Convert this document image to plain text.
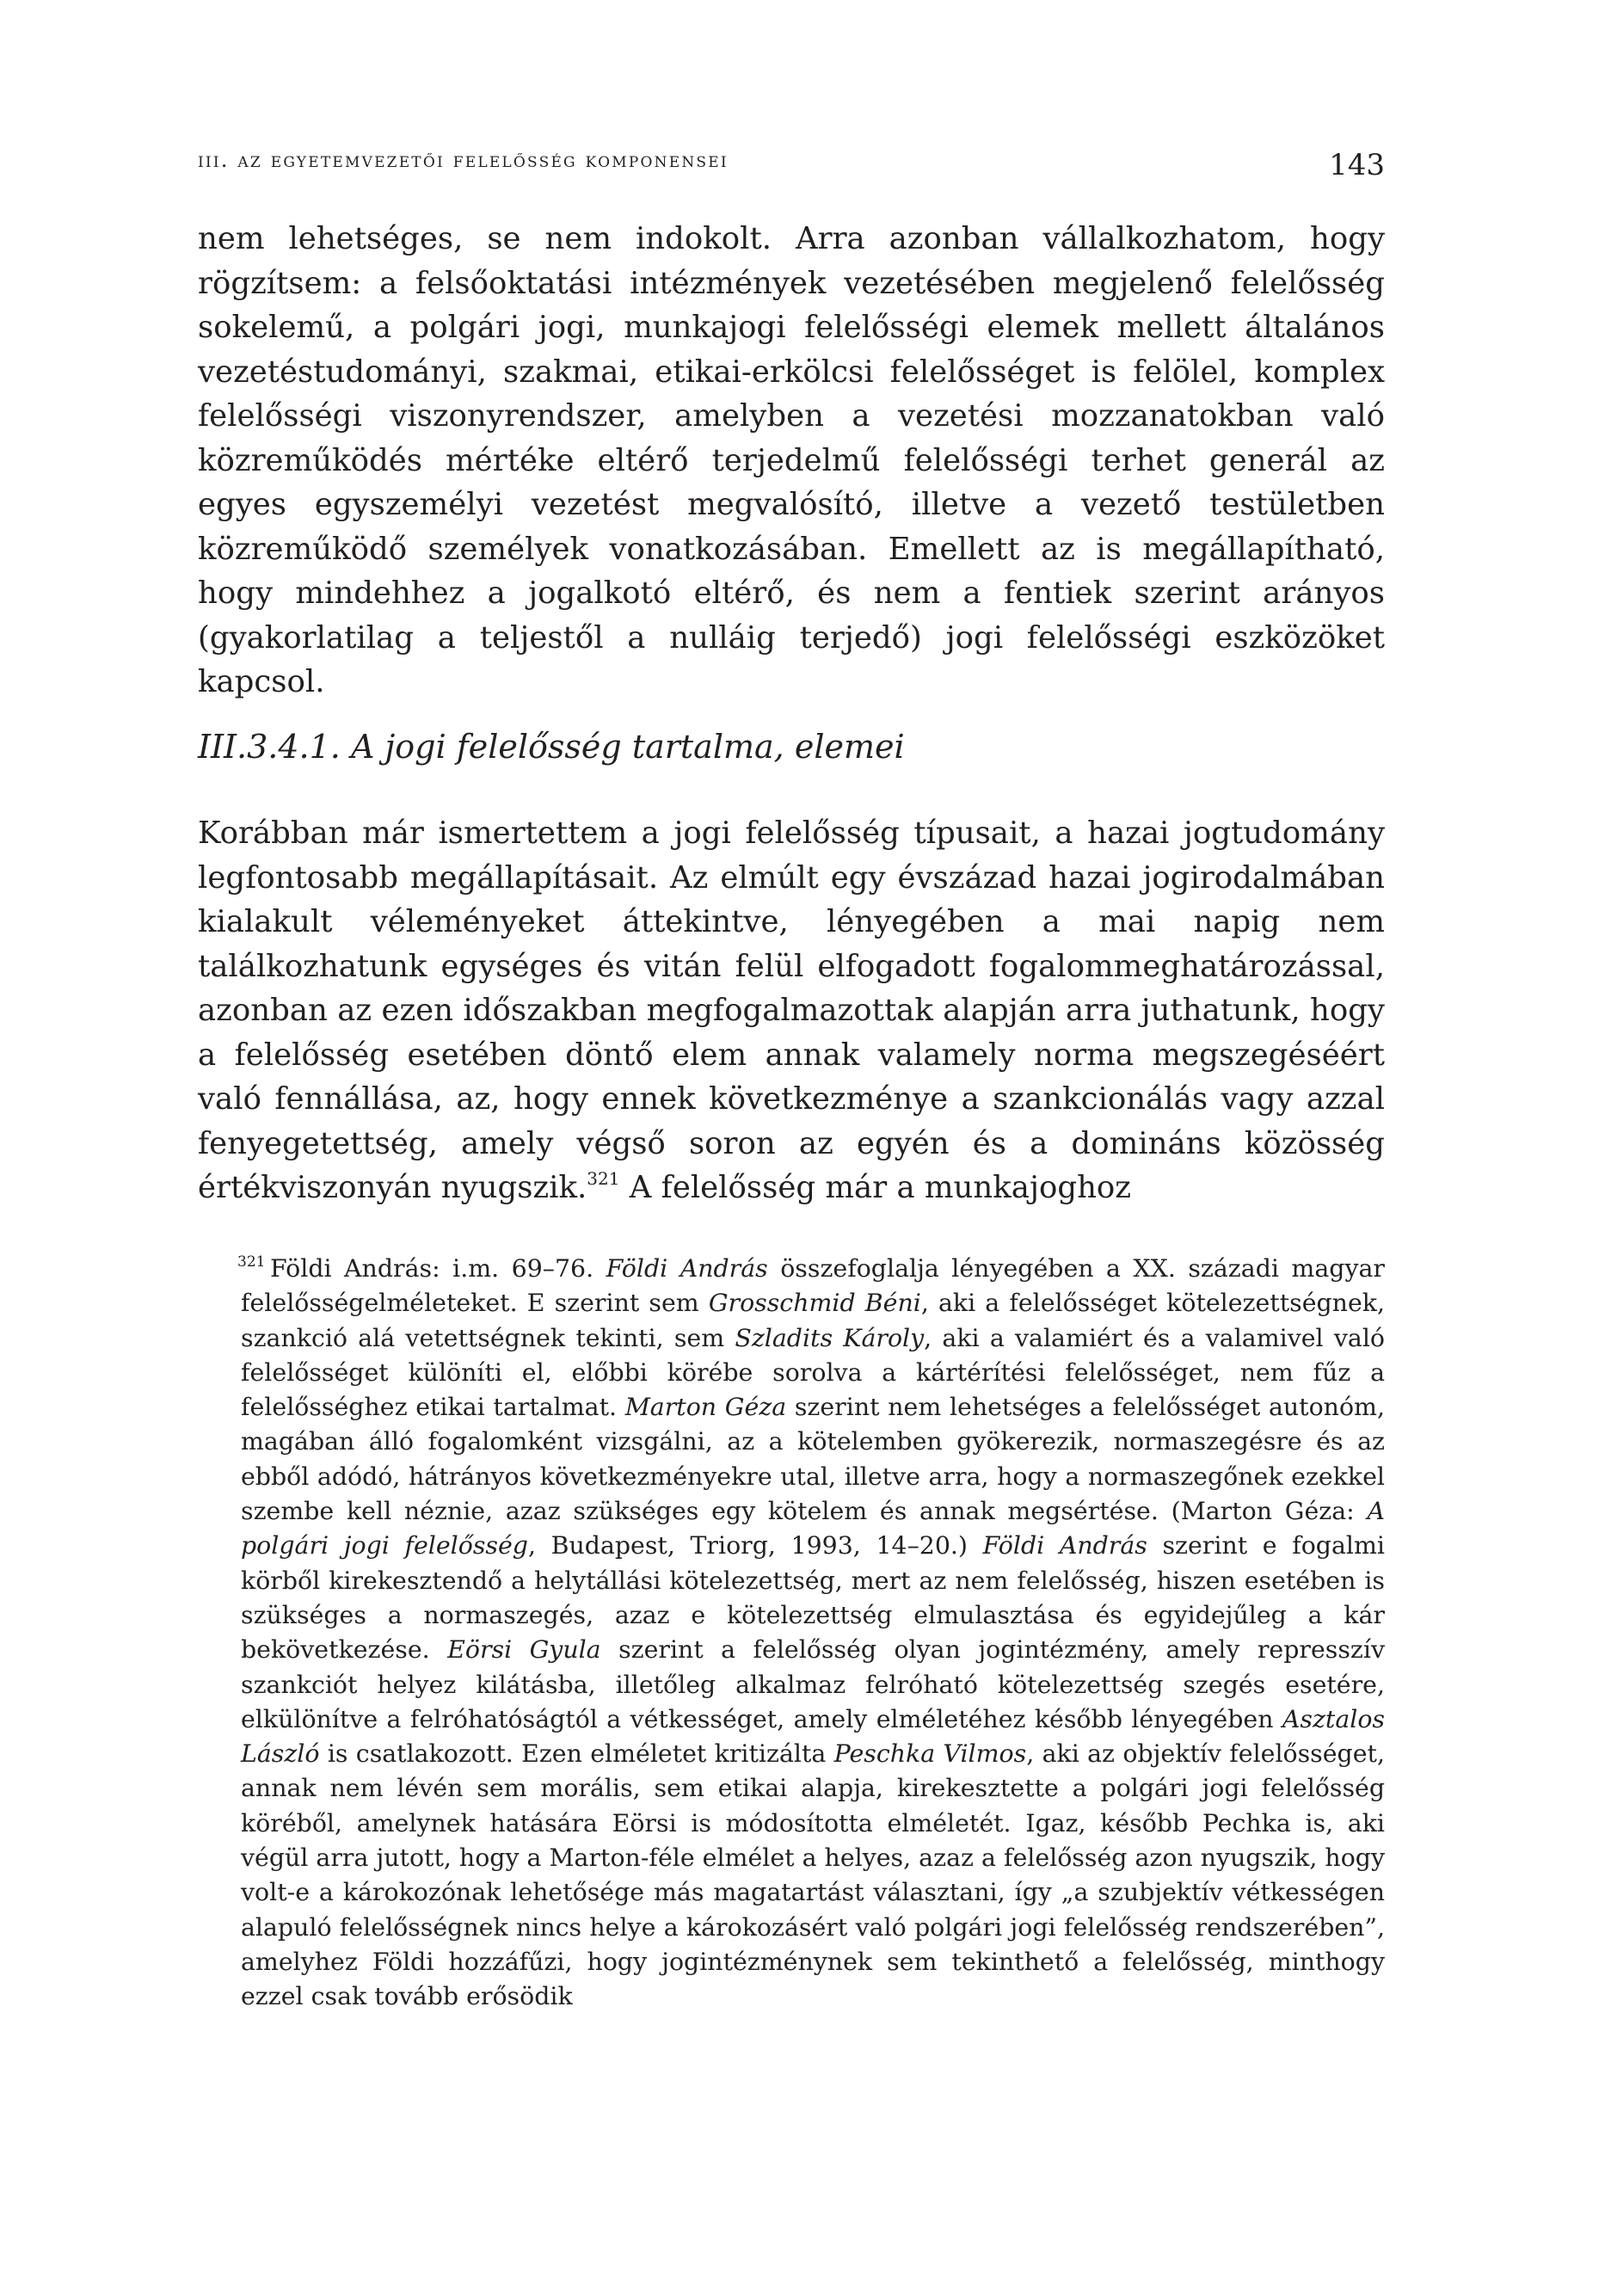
iii. az egyetemvezetői felelősség komponensei	143

nem lehetséges, se nem indokolt. Arra azonban vállalkozhatom, hogy rögzítsem: a felsőoktatási intézmények vezetésében megjelenő felelősség sokelemű, a polgári jogi, munkajogi felelősségi elemek mellett általános vezetéstudományi, szakmai, etikai-erkölcsi felelősséget is felölel, komplex felelősségi viszonyrendszer, amelyben a vezetési mozzanatokban való közreműködés mértéke eltérő terjedelmű felelősségi terhet generál az egyes egyszemélyi vezetést megvalósító, illetve a vezető testületben közreműködő személyek vonatkozásában. Emellett az is megállapítható, hogy mindehhez a jogalkotó eltérő, és nem a fentiek szerint arányos (gyakorlatilag a teljestől a nulláig terjedő) jogi felelősségi eszközöket kapcsol.

III.3.4.1. A jogi felelősség tartalma, elemei

Korábban már ismertettem a jogi felelősség típusait, a hazai jogtudomány legfontosabb megállapításait. Az elmúlt egy évszázad hazai jogirodalmában kialakult véleményeket áttekintve, lényegében a mai napig nem találkozhatunk egységes és vitán felül elfogadott fogalommeghatározással, azonban az ezen időszakban megfogalmazottak alapján arra juthatunk, hogy a felelősség esetében döntő elem annak valamely norma megszegéséért való fennállása, az, hogy ennek következménye a szankcionálás vagy azzal fenyegetettség, amely végső soron az egyén és a domináns közösség értékviszonyán nyugszik.$^{321}$ A felelősség már a munkajoghoz

321 Földi András: i.m. 69–76. Földi András összefoglalja lényegében a XX. századi magyar felelősségelméleteket. E szerint sem Grosschmid Béni, aki a felelősséget kötelezettségnek, szankció alá vetettségnek tekinti, sem Szladits Károly, aki a valamiért és a valamivel való felelősséget különíti el, előbbi körébe sorolva a kártérítési felelősséget, nem fűz a felelősséghez etikai tartalmat. Marton Géza szerint nem lehetséges a felelősséget autonóm, magában álló fogalomként vizsgálni, az a kötelemben gyökerezik, normaszegésre és az ebből adódó, hátrányos következményekre utal, illetve arra, hogy a normaszegőnek ezekkel szembe kell néznie, azaz szükséges egy kötelem és annak megsértése. (Marton Géza: A polgári jogi felelősség, Budapest, Triorg, 1993, 14–20.) Földi András szerint e fogalmi körből kirekesztendő a helytállási kötelezettség, mert az nem felelősség, hiszen esetében is szükséges a normaszegés, azaz e kötelezettség elmulasztása és egyidejűleg a kár bekövetkezése. Eörsi Gyula szerint a felelősség olyan jogintézmény, amely represszív szankciót helyez kilátásba, illetőleg alkalmaz felróható kötelezettség szegés esetére, elkülönítve a felróhatóságtól a vétkességet, amely elméletéhez később lényegében Asztalos László is csatlakozott. Ezen elméletet kritizálta Peschka Vilmos, aki az objektív felelősséget, annak nem lévén sem morális, sem etikai alapja, kirekesztette a polgári jogi felelősség köréből, amelynek hatására Eörsi is módosította elméletét. Igaz, később Pechka is, aki végül arra jutott, hogy a Marton-féle elmélet a helyes, azaz a felelősség azon nyugszik, hogy volt-e a károkozónak lehetősége más magatartást választani, így „a szubjektív vétkességen alapuló felelősségnek nincs helye a károkozásért való polgári jogi felelősség rendszerében”, amelyhez Földi hozzáfűzi, hogy jogintézménynek sem tekinthető a felelősség, minthogy ezzel csak tovább erősödik
